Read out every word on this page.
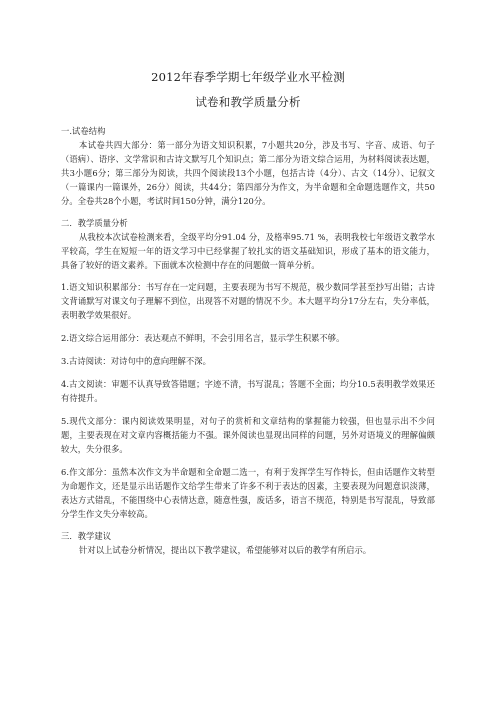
2012年春季学期七年级学业水平检测
试卷和教学质量分析

一.试卷结构

本试卷共四大部分：第一部分为语文知识积累，7小题共20分，涉及书写、字音、成语、句子（语病）、语序、文学常识和古诗文默写几个知识点；第二部分为语文综合运用，为材料阅读表达题，共3小题6分；第三部分为阅读，共四个阅读段13个小题，包括古诗（4分）、古文（14分）、记叙文（一篇课内一篇课外，26分）阅读，共44分；第四部分为作文，为半命题和全命题选题作文，共50分。全卷共28个小题，考试时间150分钟，满分120分。

二．教学质量分析

从我校本次试卷检测来看，全级平均分91.04 分，及格率95.71 %，表明我校七年级语文教学水平较高，学生在短短一年的语文学习中已经掌握了较扎实的语文基础知识，形成了基本的语文能力，具备了较好的语文素养。下面就本次检测中存在的问题做一简单分析。

1.语文知识积累部分：书写存在一定问题，主要表现为书写不规范，极少数同学甚至抄写出错；古诗文背诵默写对课文句子理解不到位，出现答不对题的情况不少。本大题平均分17分左右，失分率低，表明教学效果很好。

2.语文综合运用部分：表达观点不鲜明，不会引用名言，显示学生积累不够。

3.古诗阅读：对诗句中的意向理解不深。

4.古文阅读：审题不认真导致答错题；字迹不清，书写混乱；答题不全面；均分10.5表明教学效果还有待提升。

5.现代文部分：课内阅读效果明显，对句子的赏析和文章结构的掌握能力较强，但也显示出不少问题，主要表现在对文章内容概括能力不强。课外阅读也显现出同样的问题，另外对语境义的理解偏颇较大，失分很多。

6.作文部分：虽然本次作文为半命题和全命题二选一，有利于发挥学生写作特长，但由话题作文转型为命题作文，还是显示出话题作文给学生带来了许多不利于表达的因素，主要表现为问题意识淡薄，表达方式错乱，不能围绕中心表情达意，随意性强，废话多，语言不规范，特别是书写混乱，导致部分学生作文失分率较高。

三．教学建议

针对以上试卷分析情况，提出以下教学建议，希望能够对以后的教学有所启示。
